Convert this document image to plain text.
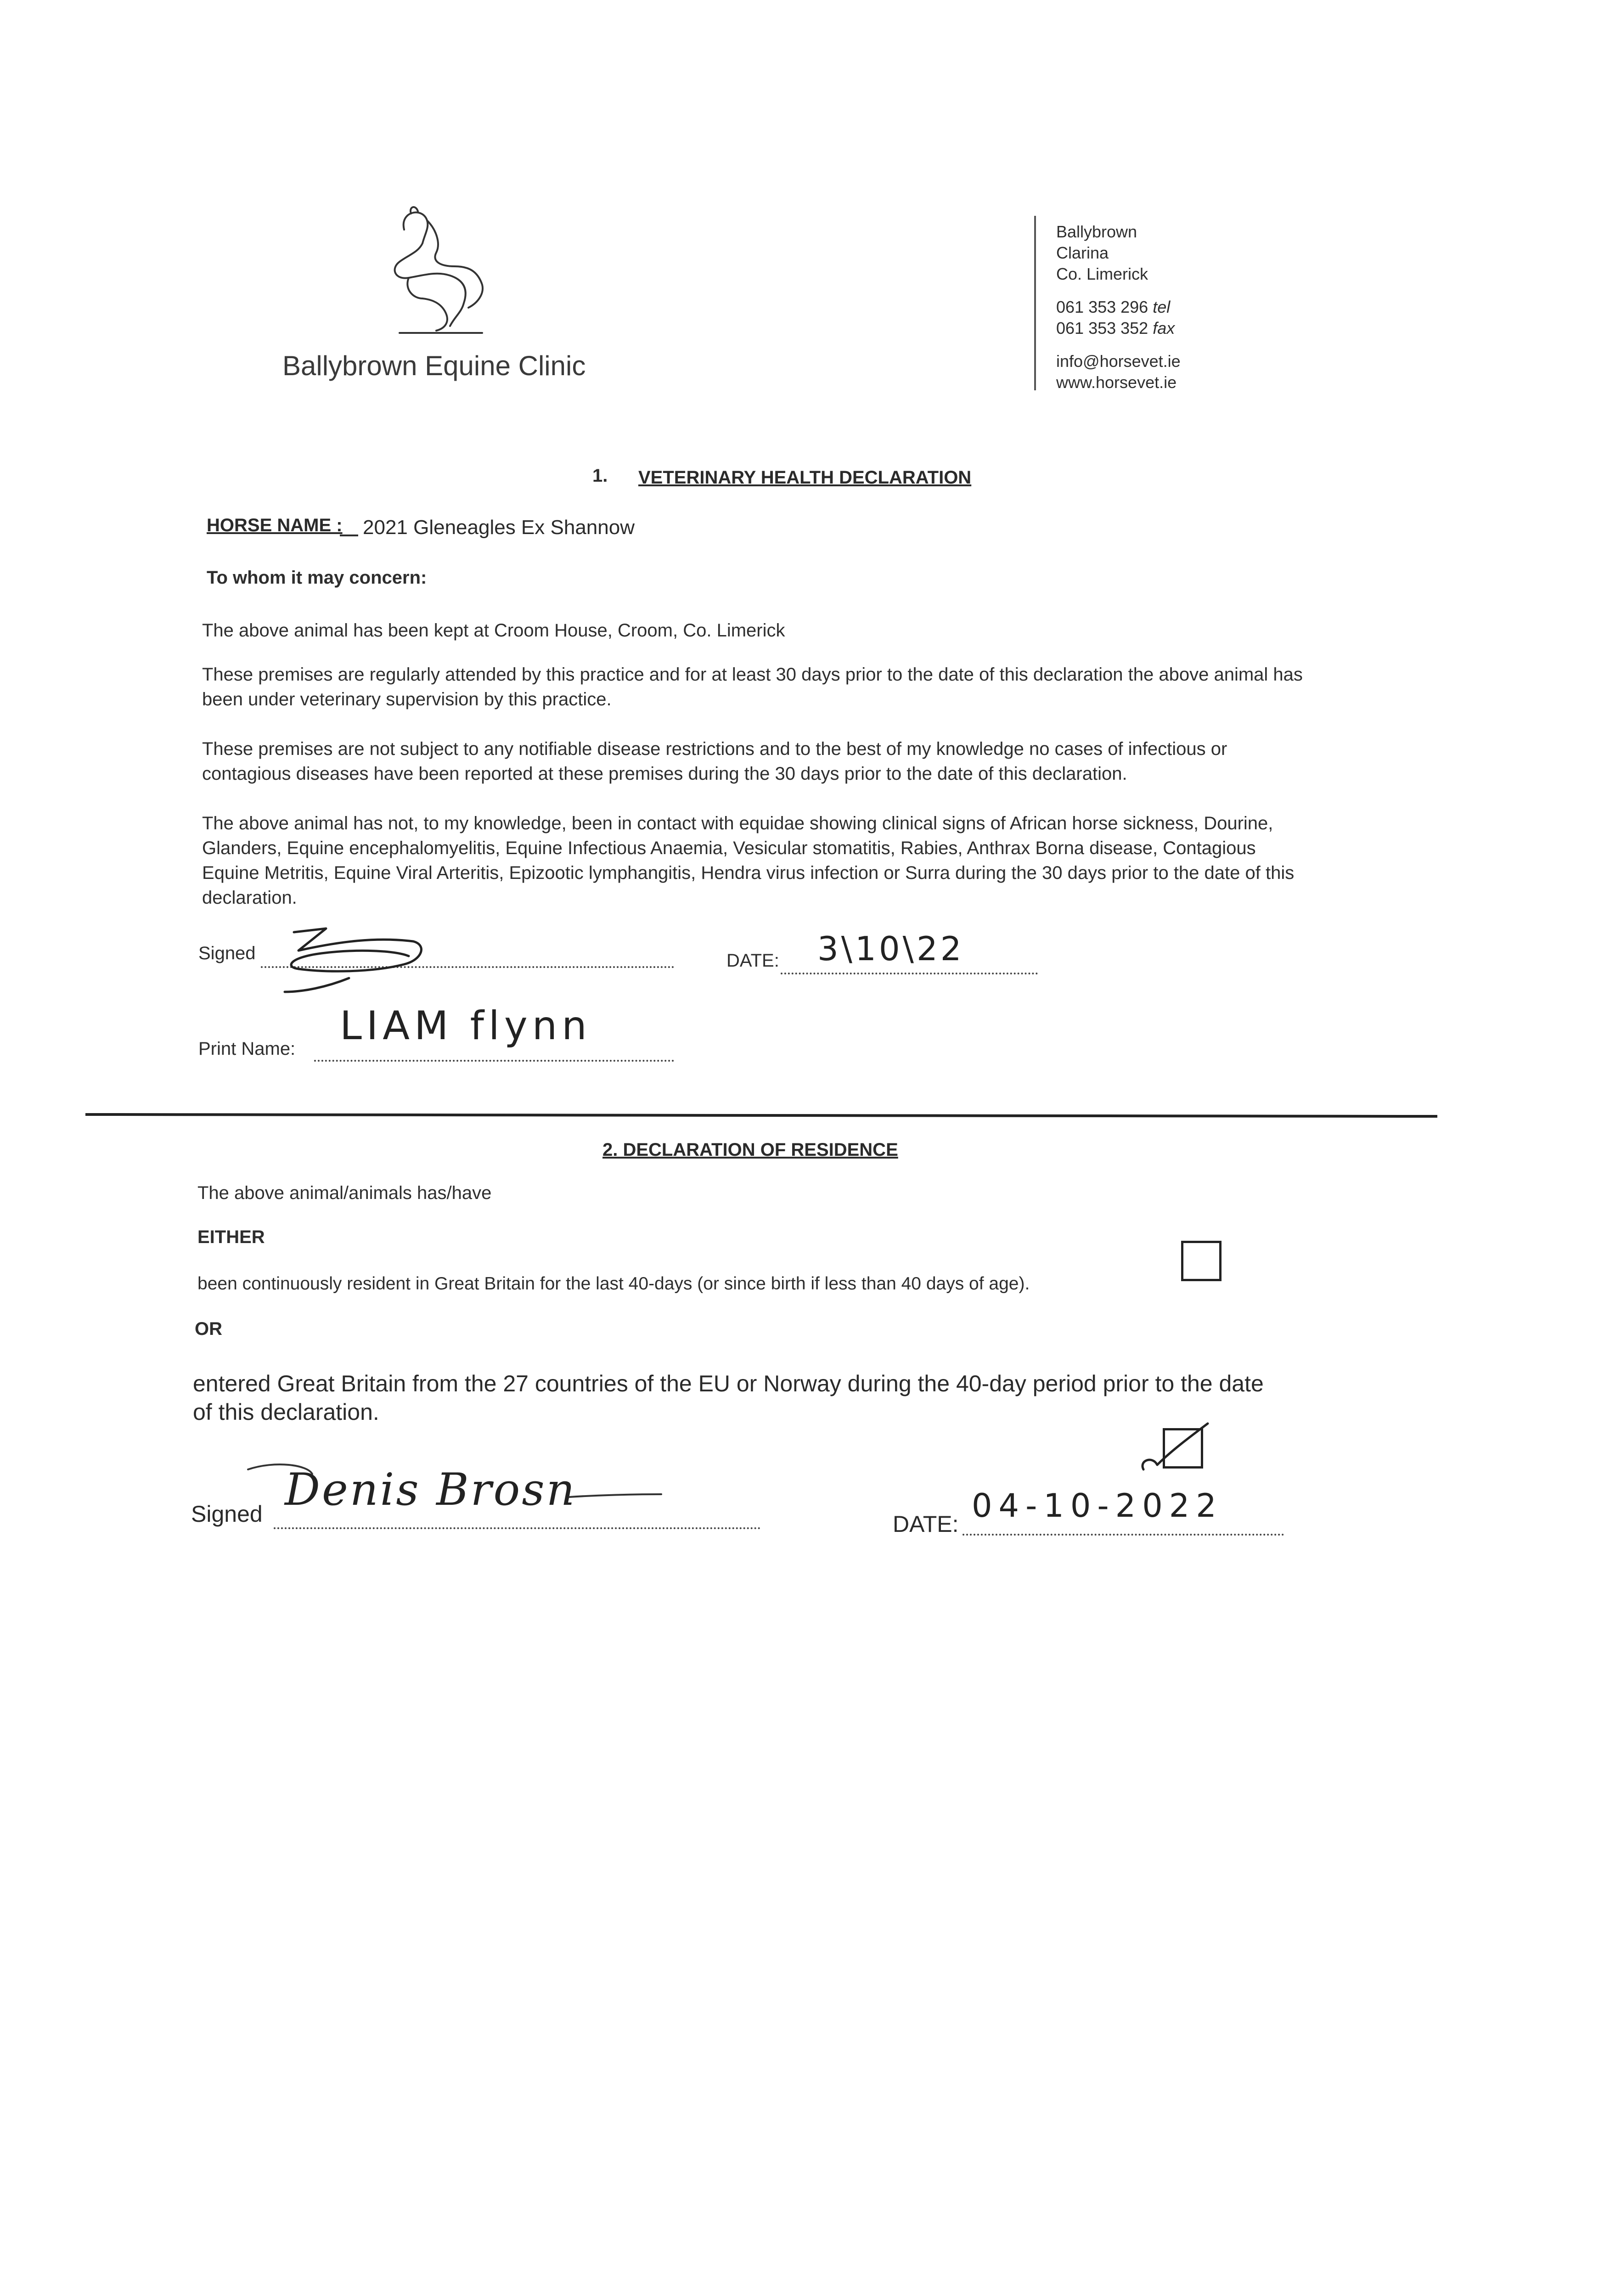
Ballybrown Equine Clinic
Ballybrown
Clarina
Co. Limerick
061 353 296 tel
061 353 352 fax
info@horsevet.ie
www.horsevet.ie
1. VETERINARY HEALTH DECLARATION
HORSE NAME : 2021 Gleneagles Ex Shannow
To whom it may concern:
The above animal has been kept at Croom House, Croom, Co. Limerick
These premises are regularly attended by this practice and for at least 30 days prior to the date of this declaration the above animal has been under veterinary supervision by this practice.
These premises are not subject to any notifiable disease restrictions and to the best of my knowledge no cases of infectious or contagious diseases have been reported at these premises during the 30 days prior to the date of this declaration.
The above animal has not, to my knowledge, been in contact with equidae showing clinical signs of African horse sickness, Dourine, Glanders, Equine encephalomyelitis, Equine Infectious Anaemia, Vesicular stomatitis, Rabies, Anthrax Borna disease, Contagious Equine Metritis, Equine Viral Arteritis, Epizootic lymphangitis, Hendra virus infection or Surra during the 30 days prior to the date of this declaration.
Signed	DATE: 3\10\22
Print Name: LIAM flynn
2. DECLARATION OF RESIDENCE
The above animal/animals has/have
EITHER
been continuously resident in Great Britain for the last 40-days (or since birth if less than 40 days of age).
OR
entered Great Britain from the 27 countries of the EU or Norway during the 40-day period prior to the date of this declaration.
Signed Denis Brosn
DATE: 04-10-2022
